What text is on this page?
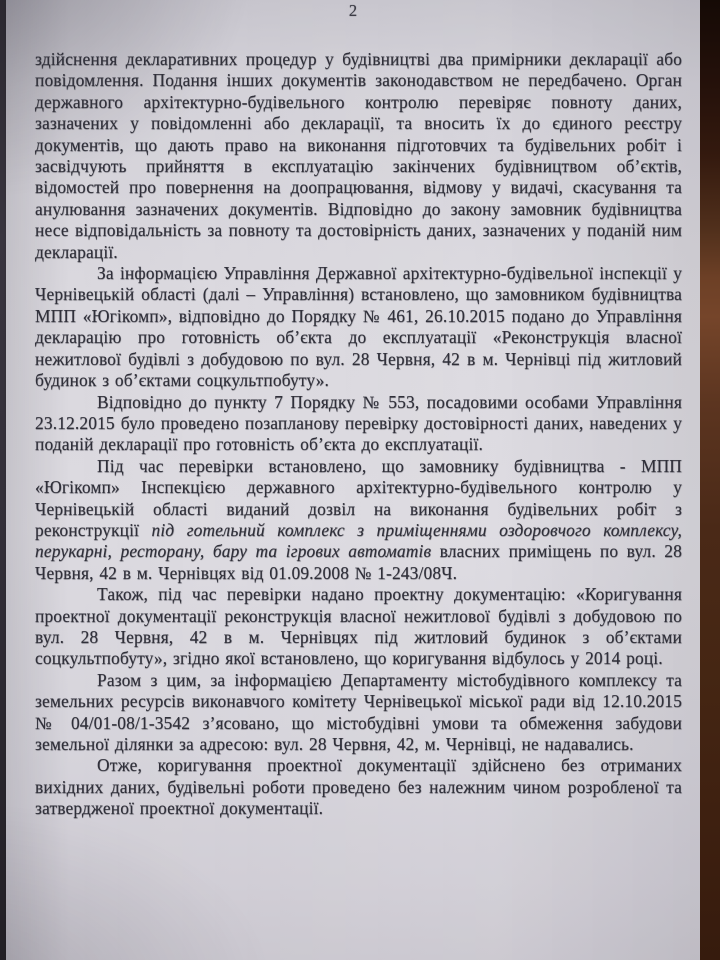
2

здійснення декларативних процедур у будівництві два примірники декларації або повідомлення. Подання інших документів законодавством не передбачено. Орган державного архітектурно-будівельного контролю перевіряє повноту даних, зазначених у повідомленні або декларації, та вносить їх до єдиного реєстру документів, що дають право на виконання підготовчих та будівельних робіт і засвідчують прийняття в експлуатацію закінчених будівництвом об’єктів, відомостей про повернення на доопрацювання, відмову у видачі, скасування та анулювання зазначених документів. Відповідно до закону замовник будівництва несе відповідальність за повноту та достовірність даних, зазначених у поданій ним декларації.

За інформацією Управління Державної архітектурно-будівельної інспекції у Чернівецькій області (далі – Управління) встановлено, що замовником будівництва МПП «Югікомп», відповідно до Порядку № 461, 26.10.2015 подано до Управління декларацію про готовність об’єкта до експлуатації «Реконструкція власної нежитлової будівлі з добудовою по вул. 28 Червня, 42 в м. Чернівці під житловий будинок з об’єктами соцкультпобуту».

Відповідно до пункту 7 Порядку № 553, посадовими особами Управління 23.12.2015 було проведено позапланову перевірку достовірності даних, наведених у поданій декларації про готовність об’єкта до експлуатації.

Під час перевірки встановлено, що замовнику будівництва - МПП «Югікомп» Інспекцією державного архітектурно-будівельного контролю у Чернівецькій області виданий дозвіл на виконання будівельних робіт з реконструкції під готельний комплекс з приміщеннями оздоровчого комплексу, перукарні, ресторану, бару та ігрових автоматів власних приміщень по вул. 28 Червня, 42 в м. Чернівцях від 01.09.2008 № 1-243/08Ч.

Також, під час перевірки надано проектну документацію: «Коригування проектної документації реконструкція власної нежитлової будівлі з добудовою по вул. 28 Червня, 42 в м. Чернівцях під житловий будинок з об’єктами соцкультпобуту», згідно якої встановлено, що коригування відбулось у 2014 році.

Разом з цим, за інформацією Департаменту містобудівного комплексу та земельних ресурсів виконавчого комітету Чернівецької міської ради від 12.10.2015 № 04/01-08/1-3542 з’ясовано, що містобудівні умови та обмеження забудови земельної ділянки за адресою: вул. 28 Червня, 42, м. Чернівці, не надавались.

Отже, коригування проектної документації здійснено без отриманих вихідних даних, будівельні роботи проведено без належним чином розробленої та затвердженої проектної документації.
